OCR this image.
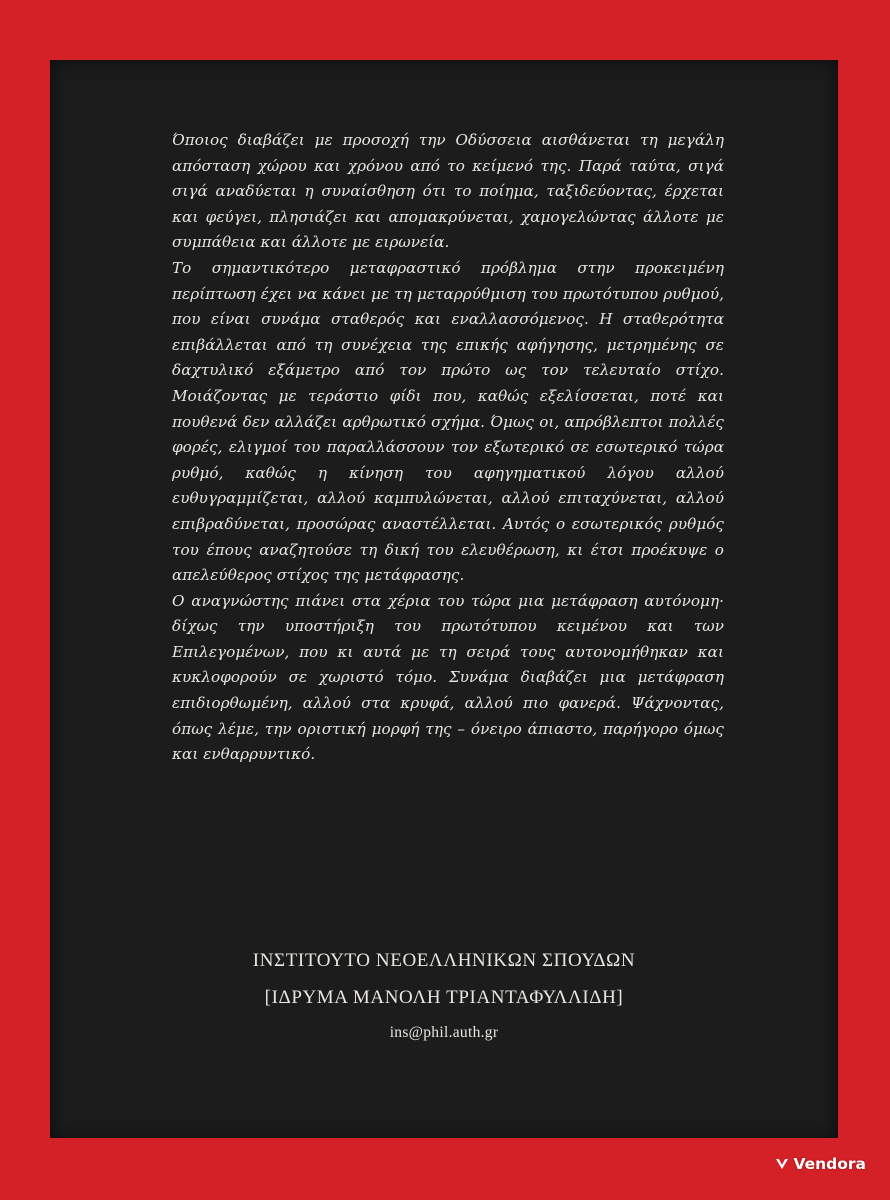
Όποιος διαβάζει με προσοχή την Οδύσσεια αισθάνεται τη μεγάλη απόσταση χώρου και χρόνου από το κείμενό της. Παρά ταύτα, σιγά σιγά αναδύεται η συναίσθηση ότι το ποίημα, ταξιδεύοντας, έρχεται και φεύγει, πλησιάζει και απομακρύνεται, χαμογελώντας άλλοτε με συμπάθεια και άλλοτε με ειρωνεία.

Το σημαντικότερο μεταφραστικό πρόβλημα στην προκειμένη περίπτωση έχει να κάνει με τη μεταρρύθμιση του πρωτότυπου ρυθμού, που είναι συνάμα σταθερός και εναλλασσόμενος. Η σταθερότητα επιβάλλεται από τη συνέχεια της επικής αφήγησης, μετρημένης σε δαχτυλικό εξάμετρο από τον πρώτο ως τον τελευταίο στίχο. Μοιάζοντας με τεράστιο φίδι που, καθώς εξελίσσεται, ποτέ και πουθενά δεν αλλάζει αρθρωτικό σχήμα. Όμως οι, απρόβλεπτοι πολλές φορές, ελιγμοί του παραλλάσσουν τον εξωτερικό σε εσωτερικό τώρα ρυθμό, καθώς η κίνηση του αφηγηματικού λόγου αλλού ευθυγραμμίζεται, αλλού καμπυλώνεται, αλλού επιταχύνεται, αλλού επιβραδύνεται, προσώρας αναστέλλεται. Αυτός ο εσωτερικός ρυθμός του έπους αναζητούσε τη δική του ελευθέρωση, κι έτσι προέκυψε ο απελεύθερος στίχος της μετάφρασης.

Ο αναγνώστης πιάνει στα χέρια του τώρα μια μετάφραση αυτόνομη· δίχως την υποστήριξη του πρωτότυπου κειμένου και των Επιλεγομένων, που κι αυτά με τη σειρά τους αυτονομήθηκαν και κυκλοφορούν σε χωριστό τόμο. Συνάμα διαβάζει μια μετάφραση επιδιορθωμένη, αλλού στα κρυφά, αλλού πιο φανερά. Ψάχνοντας, όπως λέμε, την οριστική μορφή της – όνειρο άπιαστο, παρήγορο όμως και ενθαρρυντικό.

ΙΝΣΤΙΤΟΥΤΟ ΝΕΟΕΛΛΗΝΙΚΩΝ ΣΠΟΥΔΩΝ
[ΙΔΡΥΜΑ ΜΑΝΟΛΗ ΤΡΙΑΝΤΑΦΥΛΛΙΔΗ]
ins@phil.auth.gr
Vendora
